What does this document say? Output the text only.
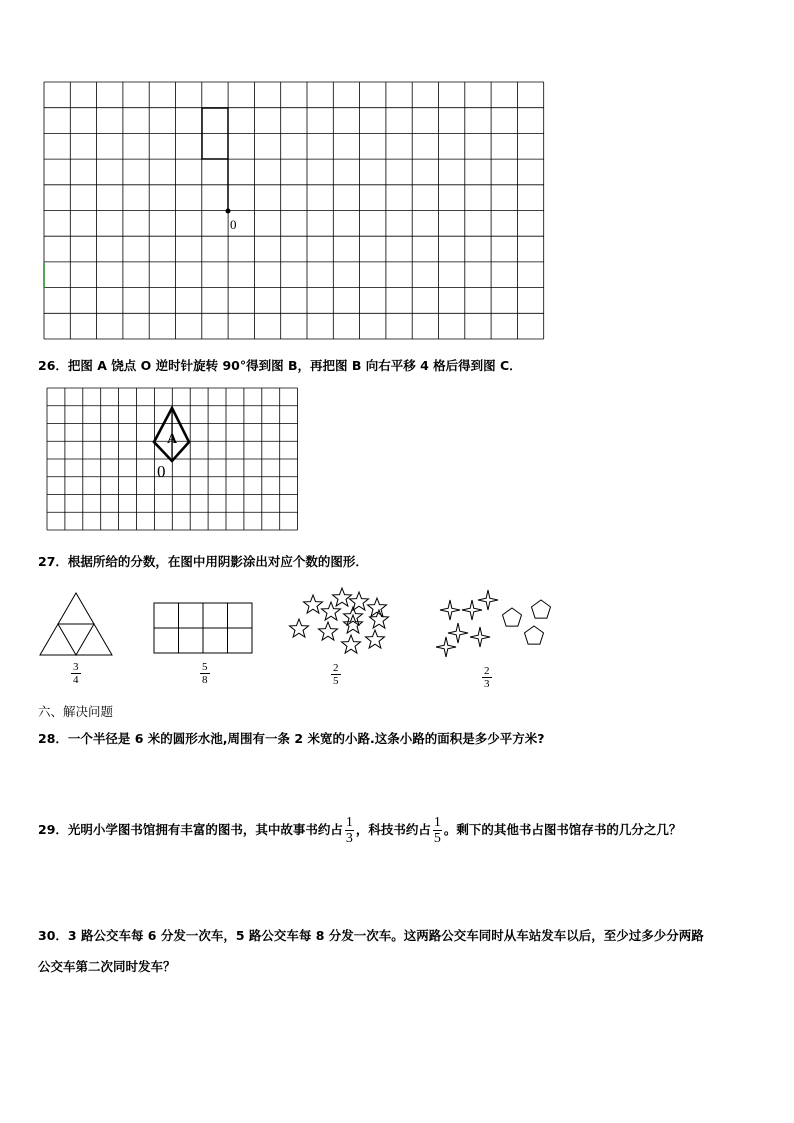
0
26．把图 A 饶点 O 逆时针旋转 90°得到图 B，再把图 B 向右平移 4 格后得到图 C．
A
0
27．根据所给的分数，在图中用阴影涂出对应个数的图形．
$\frac{3}{4}$	$\frac{5}{8}$	$\frac{2}{5}$	$\frac{2}{3}$
六、解决问题
28．一个半径是 6 米的圆形水池,周围有一条 2 米宽的小路.这条小路的面积是多少平方米?
29．光明小学图书馆拥有丰富的图书，其中故事书约占 $\frac{1}{3}$ ，科技书约占 $\frac{1}{5}$ 。剩下的其他书占图书馆存书的几分之几？
30．3 路公交车每 6 分发一次车，5 路公交车每 8 分发一次车。这两路公交车同时从车站发车以后，至少过多少分两路
公交车第二次同时发车？
